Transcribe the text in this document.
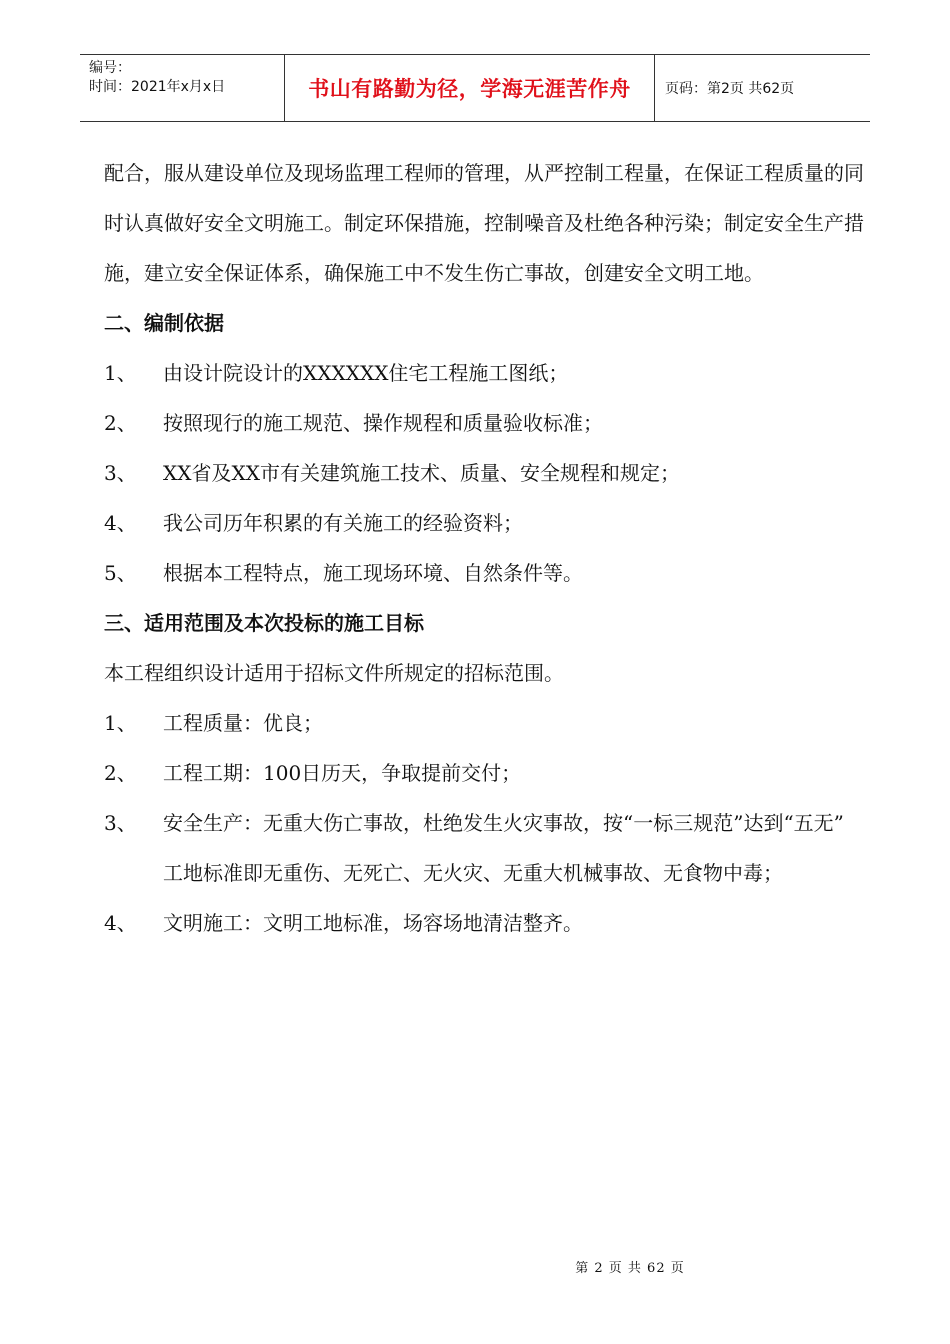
编号：
时间：2021年x月x日	书山有路勤为径，学海无涯苦作舟	页码：第2页 共62页

配合，服从建设单位及现场监理工程师的管理，从严控制工程量，在保证工程质量的同时认真做好安全文明施工。制定环保措施，控制噪音及杜绝各种污染；制定安全生产措施，建立安全保证体系，确保施工中不发生伤亡事故，创建安全文明工地。

二、编制依据

1、	由设计院设计的XXXXXX住宅工程施工图纸；
2、	按照现行的施工规范、操作规程和质量验收标准；
3、	XX省及XX市有关建筑施工技术、质量、安全规程和规定；
4、	我公司历年积累的有关施工的经验资料；
5、	根据本工程特点，施工现场环境、自然条件等。

三、适用范围及本次投标的施工目标

本工程组织设计适用于招标文件所规定的招标范围。

1、	工程质量：优良；
2、	工程工期：100日历天，争取提前交付；
3、	安全生产：无重大伤亡事故，杜绝发生火灾事故，按“一标三规范”达到“五无” 工地标准即无重伤、无死亡、无火灾、无重大机械事故、无食物中毒；
4、	文明施工：文明工地标准，场容场地清洁整齐。
第 2 页 共 62 页
